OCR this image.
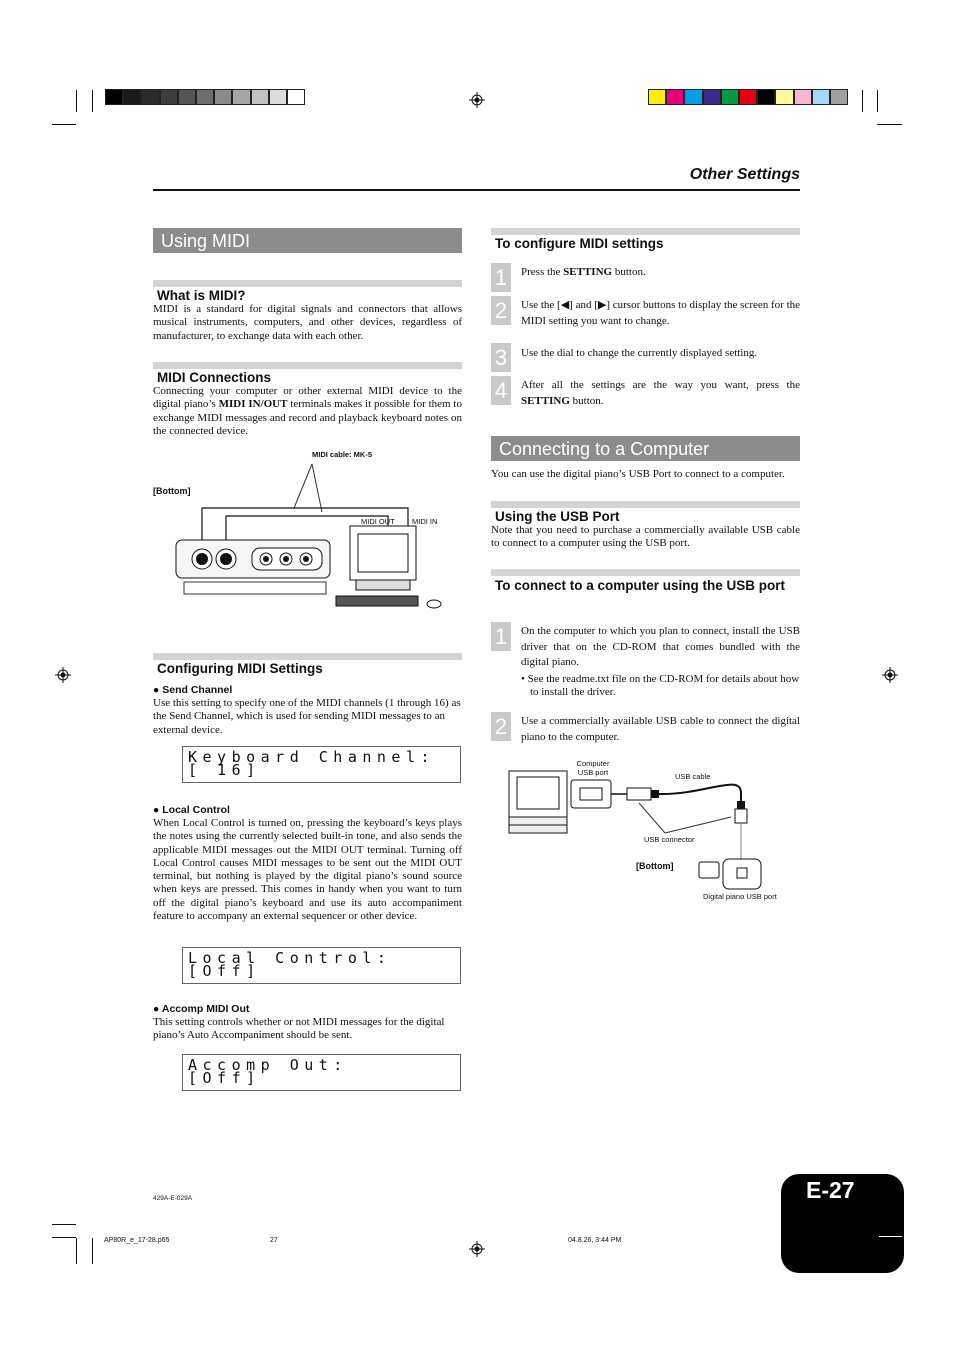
Other Settings
Using MIDI
What is MIDI?
MIDI is a standard for digital signals and connectors that allows musical instruments, computers, and other devices, regardless of manufacturer, to exchange data with each other.
MIDI Connections
Connecting your computer or other external MIDI device to the digital piano’s MIDI IN/OUT terminals makes it possible for them to exchange MIDI messages and record and playback keyboard notes on the connected device.
MIDI cable: MK-5
[Bottom]
MIDI OUT MIDI IN
Configuring MIDI Settings
● Send Channel
Use this setting to specify one of the MIDI channels (1 through 16) as the Send Channel, which is used for sending MIDI messages to an external device.
Keyboard Channel:
[ 16]
● Local Control
When Local Control is turned on, pressing the keyboard’s keys plays the notes using the currently selected built-in tone, and also sends the applicable MIDI messages out the MIDI OUT terminal. Turning off Local Control causes MIDI messages to be sent out the MIDI OUT terminal, but nothing is played by the digital piano’s sound source when keys are pressed. This comes in handy when you want to turn off the digital piano’s keyboard and use its auto accompaniment feature to accompany an external sequencer or other device.
Local Control:
[Off]
● Accomp MIDI Out
This setting controls whether or not MIDI messages for the digital piano’s Auto Accompaniment should be sent.
Accomp Out:
[Off]
To configure MIDI settings
1	Press the SETTING button.
2	Use the [◀] and [▶] cursor buttons to display the screen for the MIDI setting you want to change.
3	Use the dial to change the currently displayed setting.
4	After all the settings are the way you want, press the SETTING button.
Connecting to a Computer
You can use the digital piano’s USB Port to connect to a computer.
Using the USB Port
Note that you need to purchase a commercially available USB cable to connect to a computer using the USB port.
To connect to a computer using the USB port
1	On the computer to which you plan to connect, install the USB driver that on the CD-ROM that comes bundled with the digital piano.
• See the readme.txt file on the CD-ROM for details about how to install the driver.
2	Use a commercially available USB cable to connect the digital piano to the computer.
Computer USB port	USB cable
USB connector
[Bottom]
Digital piano USB port
E-27
429A-E-029A
AP80R_e_17-28.p65	27	04.8.26, 3:44 PM
